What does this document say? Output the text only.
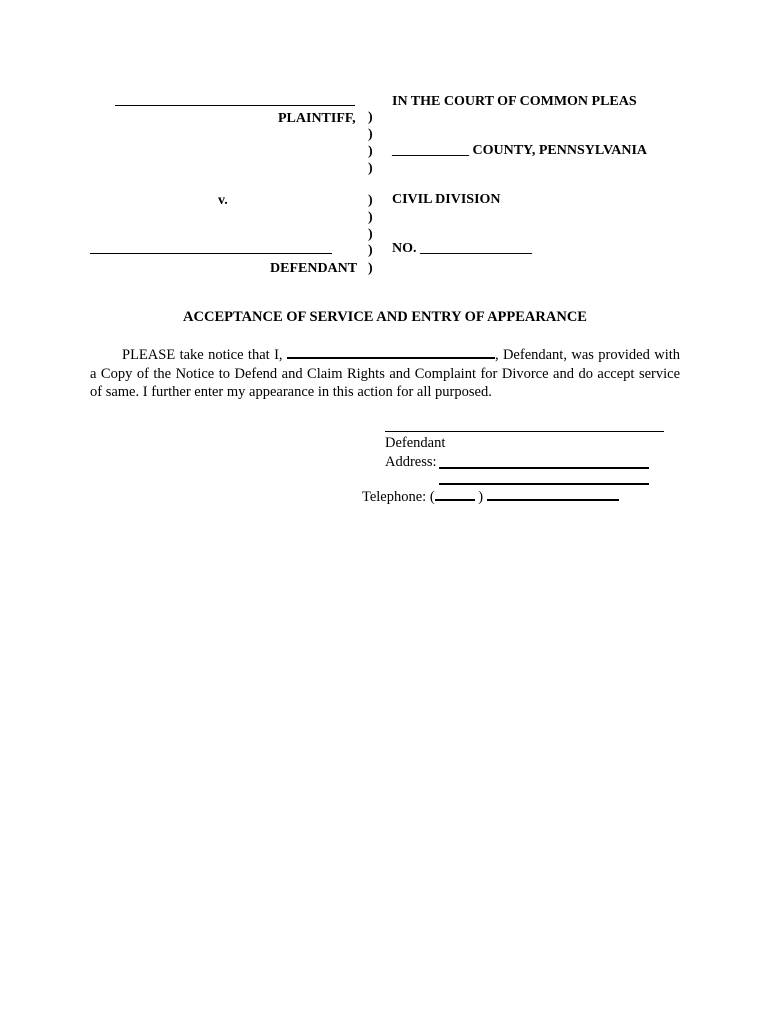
PLAINTIFF,
v.
DEFENDANT
)
)
)
)
)
)
)
)
)
IN THE COURT OF COMMON PLEAS
___________ COUNTY, PENNSYLVANIA
CIVIL DIVISION
NO. ________________
ACCEPTANCE OF SERVICE AND ENTRY OF APPEARANCE
PLEASE take notice that I,	, Defendant, was provided with a Copy of the Notice to Defend and Claim Rights and Complaint for Divorce and do accept service of same. I further enter my appearance in this action for all purposed.
Defendant
Address:
Telephone: (	)
